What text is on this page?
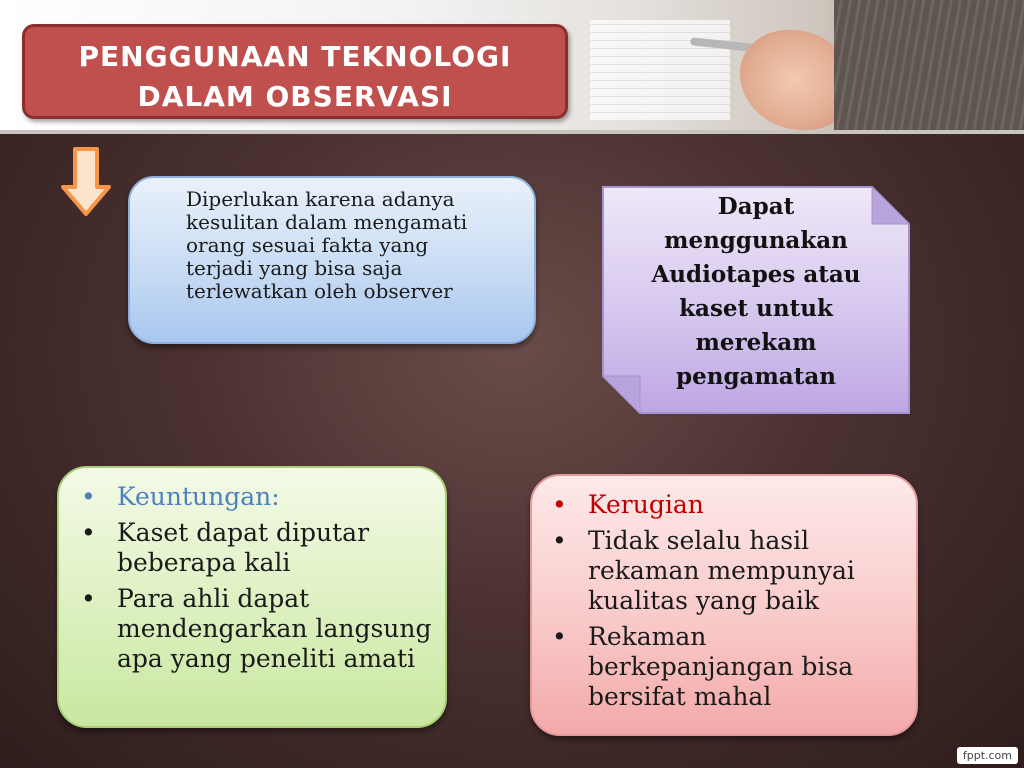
PENGGUNAAN TEKNOLOGI
DALAM OBSERVASI
Diperlukan karena adanya
kesulitan dalam mengamati
orang sesuai fakta yang
terjadi yang bisa saja
terlewatkan oleh observer
Dapat
menggunakan
Audiotapes atau
kaset untuk
merekam
pengamatan
• Keuntungan:
• Kaset dapat diputar beberapa kali
• Para ahli dapat mendengarkan langsung apa yang peneliti amati
• Kerugian
• Tidak selalu hasil rekaman mempunyai kualitas yang baik
• Rekaman berkepanjangan bisa bersifat mahal
fppt.com
